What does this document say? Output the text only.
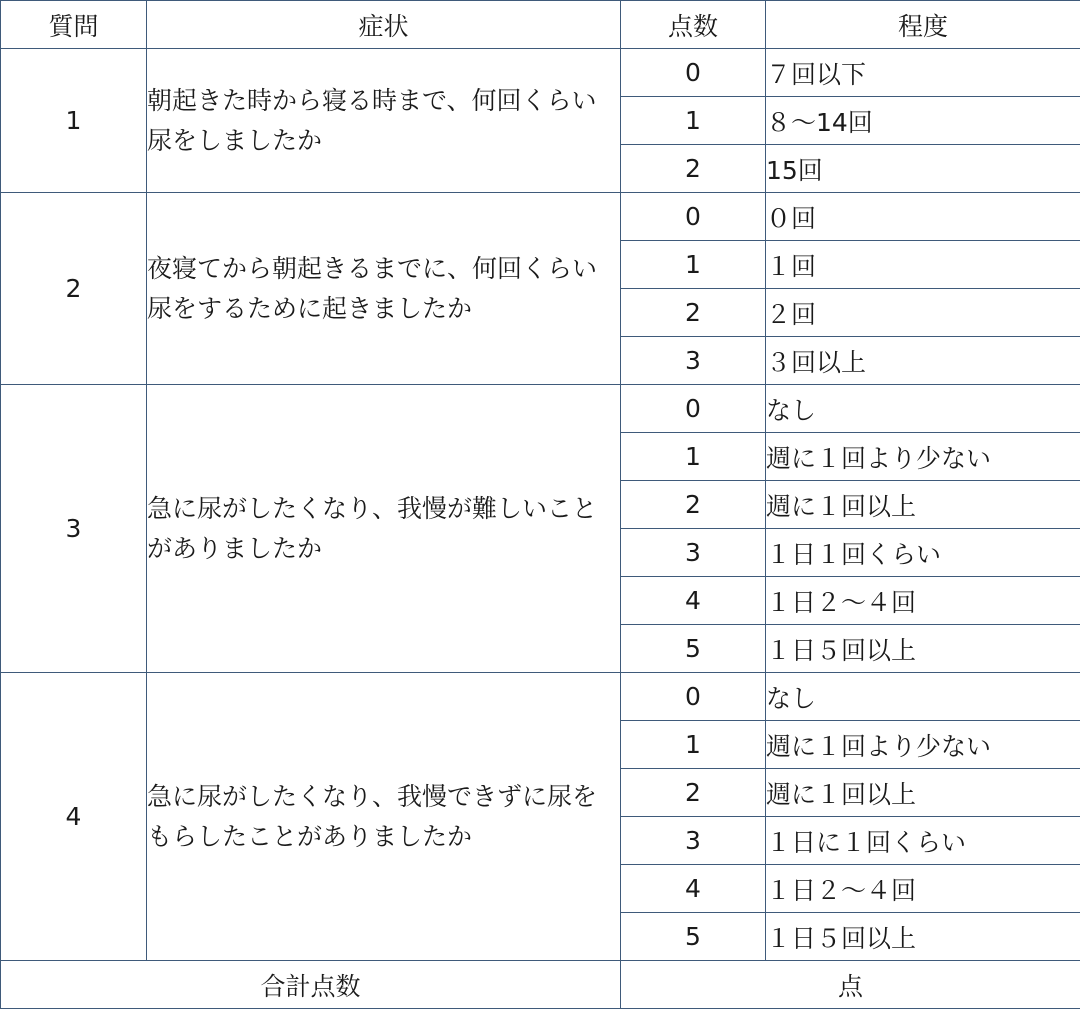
質問	症状	点数	程度
1	朝起きた時から寝る時まで、何回くらい尿をしましたか	0	７回以下
		1	８～14回
		2	15回
2	夜寝てから朝起きるまでに、何回くらい尿をするために起きましたか	0	０回
		1	１回
		2	２回
		3	３回以上
3	急に尿がしたくなり、我慢が難しいことがありましたか	0	なし
		1	週に１回より少ない
		2	週に１回以上
		3	１日１回くらい
		4	１日２～４回
		5	１日５回以上
4	急に尿がしたくなり、我慢できずに尿をもらしたことがありましたか	0	なし
		1	週に１回より少ない
		2	週に１回以上
		3	１日に１回くらい
		4	１日２～４回
		5	１日５回以上
合計点数		点	
